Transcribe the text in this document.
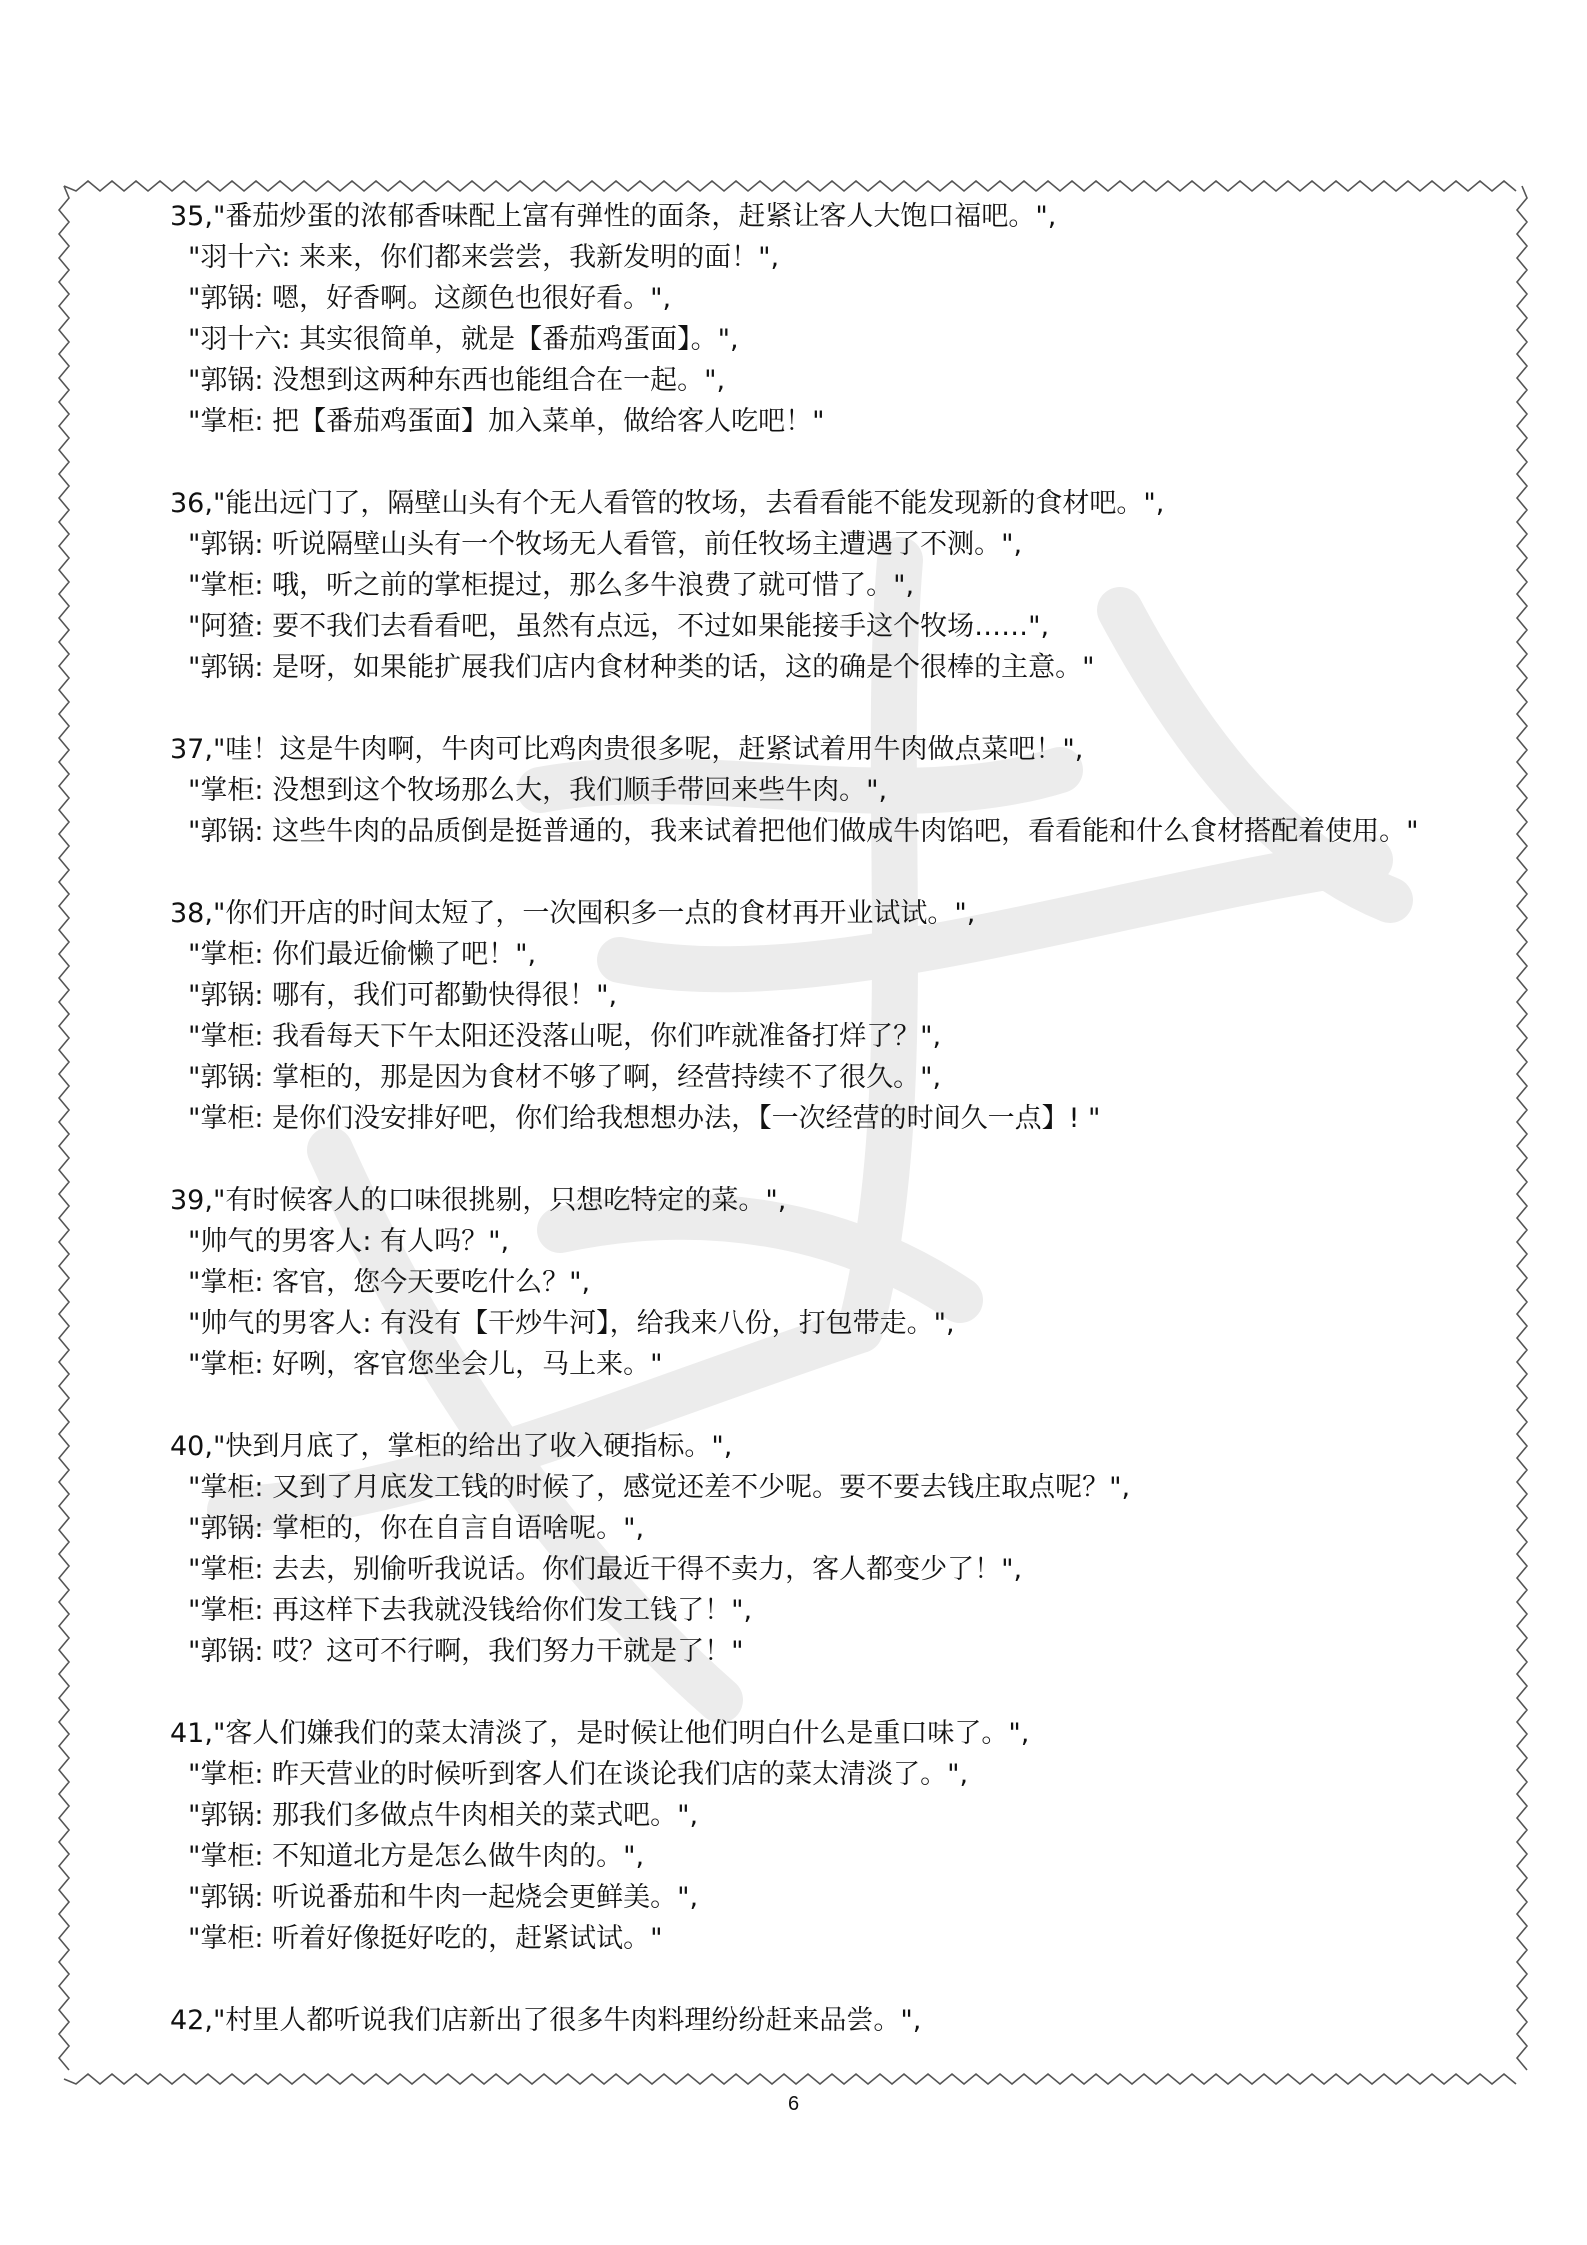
35,"番茄炒蛋的浓郁香味配上富有弹性的面条，赶紧让客人大饱口福吧。",
"羽十六: 来来，你们都来尝尝，我新发明的面！",
"郭锅: 嗯，好香啊。这颜色也很好看。",
"羽十六: 其实很简单，就是【番茄鸡蛋面】。",
"郭锅: 没想到这两种东西也能组合在一起。",
"掌柜: 把【番茄鸡蛋面】加入菜单，做给客人吃吧！"
36,"能出远门了，隔壁山头有个无人看管的牧场，去看看能不能发现新的食材吧。",
"郭锅: 听说隔壁山头有一个牧场无人看管，前任牧场主遭遇了不测。",
"掌柜: 哦，听之前的掌柜提过，那么多牛浪费了就可惜了。",
"阿猹: 要不我们去看看吧，虽然有点远，不过如果能接手这个牧场……",
"郭锅: 是呀，如果能扩展我们店内食材种类的话，这的确是个很棒的主意。"
37,"哇！这是牛肉啊，牛肉可比鸡肉贵很多呢，赶紧试着用牛肉做点菜吧！",
"掌柜: 没想到这个牧场那么大，我们顺手带回来些牛肉。",
"郭锅: 这些牛肉的品质倒是挺普通的，我来试着把他们做成牛肉馅吧，看看能和什么食材搭配着使用。"
38,"你们开店的时间太短了，一次囤积多一点的食材再开业试试。",
"掌柜: 你们最近偷懒了吧！",
"郭锅: 哪有，我们可都勤快得很！",
"掌柜: 我看每天下午太阳还没落山呢，你们咋就准备打烊了？",
"郭锅: 掌柜的，那是因为食材不够了啊，经营持续不了很久。",
"掌柜: 是你们没安排好吧，你们给我想想办法，【一次经营的时间久一点】! "
39,"有时候客人的口味很挑剔，只想吃特定的菜。",
"帅气的男客人: 有人吗？",
"掌柜: 客官，您今天要吃什么？",
"帅气的男客人: 有没有【干炒牛河】，给我来八份，打包带走。",
"掌柜: 好咧，客官您坐会儿，马上来。"
40,"快到月底了，掌柜的给出了收入硬指标。",
"掌柜: 又到了月底发工钱的时候了，感觉还差不少呢。要不要去钱庄取点呢？",
"郭锅: 掌柜的，你在自言自语啥呢。",
"掌柜: 去去，别偷听我说话。你们最近干得不卖力，客人都变少了！",
"掌柜: 再这样下去我就没钱给你们发工钱了！",
"郭锅: 哎？这可不行啊，我们努力干就是了！"
41,"客人们嫌我们的菜太清淡了，是时候让他们明白什么是重口味了。",
"掌柜: 昨天营业的时候听到客人们在谈论我们店的菜太清淡了。",
"郭锅: 那我们多做点牛肉相关的菜式吧。",
"掌柜: 不知道北方是怎么做牛肉的。",
"郭锅: 听说番茄和牛肉一起烧会更鲜美。",
"掌柜: 听着好像挺好吃的，赶紧试试。"
42,"村里人都听说我们店新出了很多牛肉料理纷纷赶来品尝。",
6
